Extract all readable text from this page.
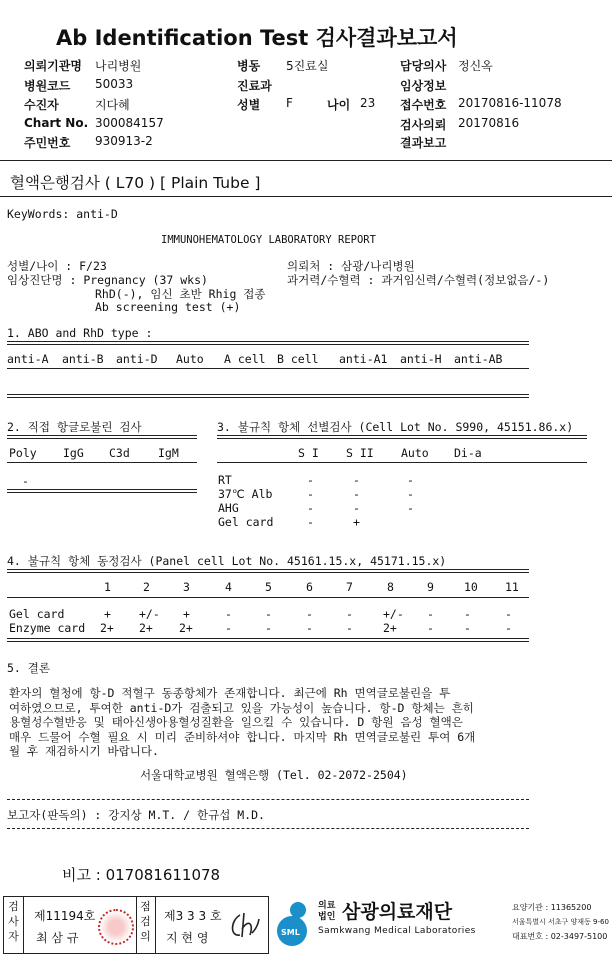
Ab Identification Test 검사결과보고서
의뢰기관명 나리병원
병원코드 50033
수진자	지다혜
Chart No. 300084157
주민번호 930913-2
병동 5진료실
진료과
성별 F	나이 23
담당의사 정신옥
임상정보
접수번호 20170816-11078
검사의뢰 20170816
결과보고
혈액은행검사 ( L70 ) [ Plain Tube ]
KeyWords: anti-D
IMMUNOHEMATOLOGY LABORATORY REPORT
성별/나이 : F/23
임상진단명 : Pregnancy (37 wks)
RhD(-), 임신 초반 Rhig 접종
Ab screening test (+)
의뢰처 : 삼광/나리병원
과거력/수혈력 : 과거임신력/수혈력(정보없음/-)
1. ABO and RhD type :
anti-A anti-B anti-D Auto A cell B cell anti-A1 anti-H anti-AB
2. 직접 항글로불린 검사
Poly IgG C3d IgM
-
3. 불규칙 항체 선별검사 (Cell Lot No. S990, 45151.86.x)
S I S II Auto Di-a
RT	-	-	-
37℃ Alb	-	-	-
AHG	-	-	-
Gel card	-	+
4. 불규칙 항체 동정검사 (Panel cell Lot No. 45161.15.x, 45171.15.x)
1	2	3	4	5	6	7	8	9	10 11
Gel card	+ +/- +	-	-	-	-	+/- -	-	-
Enzyme card 2+ 2+ 2+	-	-	-	-	2+	-	-	-
5. 결론
환자의 혈청에 항-D 적혈구 동종항체가 존재합니다. 최근에 Rh 면역글로불린을 투
여하였으므로, 투여한 anti-D가 검출되고 있을 가능성이 높습니다. 항-D 항체는 흔히
용혈성수혈반응 및 태아신생아용혈성질환을 일으킬 수 있습니다. D 항원 음성 혈액은
매우 드물어 수혈 필요 시 미리 준비하셔야 합니다. 마지막 Rh 면역글로불린 투여 6개
월 후 재검하시기 바랍니다.
서울대학교병원 혈액은행 (Tel. 02-2072-2504)
보고자(판독의) : 강지상 M.T. / 한규섭 M.D.
비고 : 017081611078
검사자
제11194호
최 삼 규
점검의
제3 3 3 호
지 현 영	SML
의료
법인 삼광의료재단
Samkwang Medical Laboratories
요양기관 : 11365200
서울특별시 서초구 양재동 9-60
대표번호 : 02-3497-5100
